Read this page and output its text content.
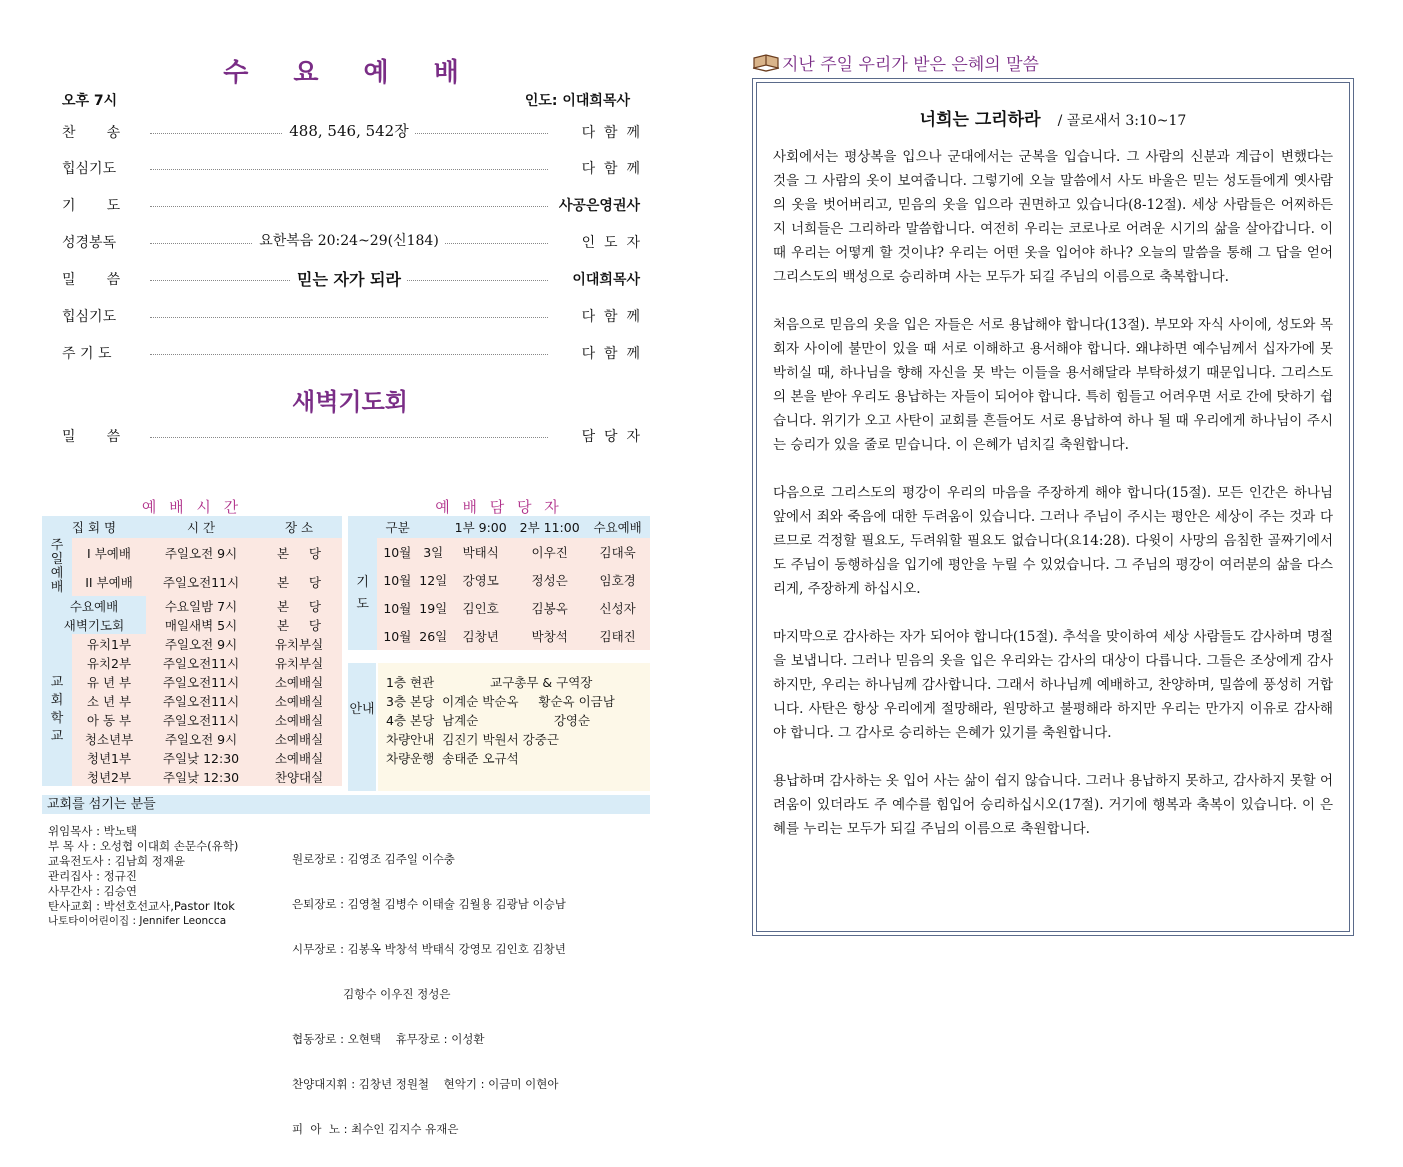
수 요 예 배
오후 7시	인도: 이대희목사
찬       송	488, 546, 542장	다  함  께
힙심기도	다  함  께
기       도	사공은영권사
성경봉독	요한복음 20:24~29(신184)	인  도  자
밀       씀	믿는 자가 되라	이대희목사
힙심기도	다  함  께
주 기 도	다  함  께
새벽기도회
밀       씀	담  당  자
예 배 시 간
집 회 명		시 간	장 소
주일예배	I 부예배	주일오전 9시	본     당
	II 부예배	주일오전11시	본     당
수요예배		수요일밤 7시	본     당
새벽기도회		매일새벽 5시	본     당
교회학교	유치1부	주일오전 9시	유치부실
	유치2부	주일오전11시	유치부실
	유 년 부	주일오전11시	소예배실
	소 년 부	주일오전11시	소예배실
	아 동 부	주일오전11시	소예배실
	청소년부	주일오전 9시	소예배실
	청년1부	주일낮 12:30	소예배실
	청년2부	주일낮 12:30	찬양대실
예 배 담 당 자
구분		1부 9:00	2부 11:00	수요예배
기도	10월   3일	박태식	이우진	김대욱
	10월  12일	강영모	정성은	임호경
	10월  19일	김인호	김봉옥	신성자
	10월  26일	김창년	박창석	김태진
안내
1층 현관	교구총무 & 구역장
3층 본당 이계순 박순옥     황순옥 이금남
4층 본당 남계순                   강영순
차량안내 김진기 박원서 강중근
차량운행 송태준 오규석
교회를 섬기는 분들
위임목사 : 박노택
부 목 사 : 오성협 이대희 손문수(유학)
교육전도사 : 김남희 정재윤
관리집사 : 정규진
사무간사 : 김승연
탄사교회 : 박선호선교사,Pastor Itok
나토타이어린이집 : Jennifer Leoncca

원로장로 : 김영조 김주일 이수충

은퇴장로 : 김영철 김병수 이태술 김월용 김광남 이승남

시무장로 : 김봉옥 박창석 박태식 강영모 김인호 김창년

김항수 이우진 정성은

협동장로 : 오현택    휴무장로 : 이성환

찬양대지휘 : 김창년 정원철    현악기 : 이금미 이현아

피  아  노 : 최수인 김지수 유재은

지난 주일 우리가 받은 은혜의 말씀
너희는 그리하라 / 골로새서 3:10~17

사회에서는 평상복을 입으나 군대에서는 군복을 입습니다. 그 사람의 신분과 계급이 변했다는 것을 그 사람의 옷이 보여줍니다. 그렇기에 오늘 말씀에서 사도 바울은 믿는 성도들에게 옛사람의 옷을 벗어버리고, 믿음의 옷을 입으라 권면하고 있습니다(8-12절). 세상 사람들은 어찌하든지 너희들은 그리하라 말씀합니다. 여전히 우리는 코로나로 어려운 시기의 삶을 살아갑니다. 이때 우리는 어떻게 할 것이냐? 우리는 어떤 옷을 입어야 하나? 오늘의 말씀을 통해 그 답을 얻어 그리스도의 백성으로 승리하며 사는 모두가 되길 주님의 이름으로 축복합니다.

처음으로 믿음의 옷을 입은 자들은 서로 용납해야 합니다(13절). 부모와 자식 사이에, 성도와 목회자 사이에 불만이 있을 때 서로 이해하고 용서해야 합니다. 왜냐하면 예수님께서 십자가에 못 박히실 때, 하나님을 향해 자신을 못 박는 이들을 용서해달라 부탁하셨기 때문입니다. 그리스도의 본을 받아 우리도 용납하는 자들이 되어야 합니다. 특히 힘들고 어려우면 서로 간에 탓하기 쉽습니다. 위기가 오고 사탄이 교회를 흔들어도 서로 용납하여 하나 될 때 우리에게 하나님이 주시는 승리가 있을 줄로 믿습니다. 이 은혜가 넘치길 축원합니다.

다음으로 그리스도의 평강이 우리의 마음을 주장하게 해야 합니다(15절). 모든 인간은 하나님 앞에서 죄와 죽음에 대한 두려움이 있습니다. 그러나 주님이 주시는 평안은 세상이 주는 것과 다르므로 걱정할 필요도, 두려워할 필요도 없습니다(요14:28). 다윗이 사망의 음침한 골짜기에서도 주님이 동행하심을 입기에 평안을 누릴 수 있었습니다. 그 주님의 평강이 여러분의 삶을 다스리게, 주장하게 하십시오.

마지막으로 감사하는 자가 되어야 합니다(15절). 추석을 맞이하여 세상 사람들도 감사하며 명절을 보냅니다. 그러나 믿음의 옷을 입은 우리와는 감사의 대상이 다릅니다. 그들은 조상에게 감사하지만, 우리는 하나님께 감사합니다. 그래서 하나님께 예배하고, 찬양하며, 밀씀에 풍성히 거합니다. 사탄은 항상 우리에게 절망해라, 원망하고 불평해라 하지만 우리는 만가지 이유로 감사해야 합니다. 그 감사로 승리하는 은혜가 있기를 축원합니다.

용납하며 감사하는 옷 입어 사는 삶이 쉽지 않습니다. 그러나 용납하지 못하고, 감사하지 못할 어려움이 있더라도 주 예수를 힘입어 승리하십시오(17절). 거기에 행복과 축복이 있습니다. 이 은혜를 누리는 모두가 되길 주님의 이름으로 축원합니다.
